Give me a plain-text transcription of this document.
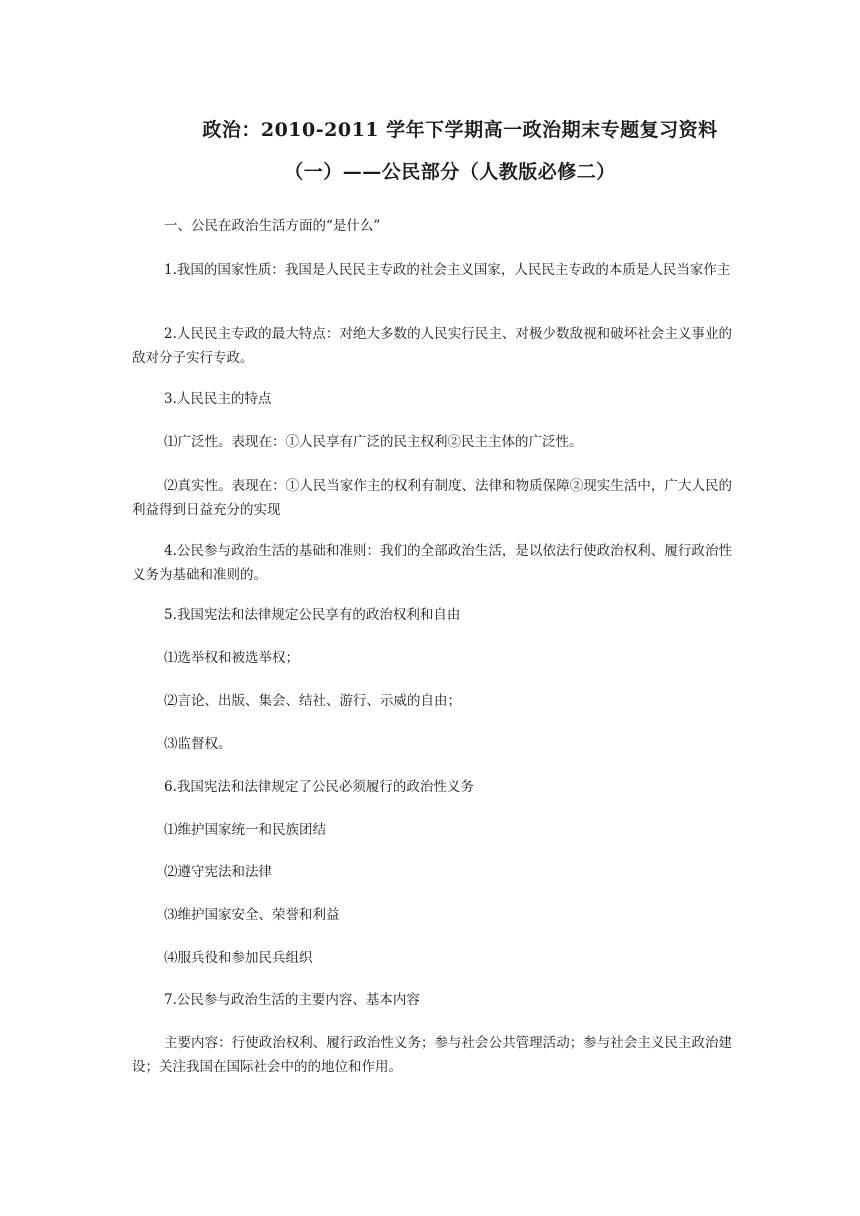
政治：2010-2011 学年下学期高一政治期末专题复习资料
（一）——公民部分（人教版必修二）
一、公民在政治生活方面的“是什么”
1.我国的国家性质：我国是人民民主专政的社会主义国家，人民民主专政的本质是人民当家作主
2.人民民主专政的最大特点：对绝大多数的人民实行民主、对极少数敌视和破坏社会主义事业的敌对分子实行专政。
3.人民民主的特点
⑴广泛性。表现在：①人民享有广泛的民主权利②民主主体的广泛性。
⑵真实性。表现在：①人民当家作主的权利有制度、法律和物质保障②现实生活中，广大人民的利益得到日益充分的实现
4.公民参与政治生活的基础和准则：我们的全部政治生活，是以依法行使政治权利、履行政治性义务为基础和准则的。
5.我国宪法和法律规定公民享有的政治权利和自由
⑴选举权和被选举权；
⑵言论、出版、集会、结社、游行、示威的自由；
⑶监督权。
6.我国宪法和法律规定了公民必须履行的政治性义务
⑴维护国家统一和民族团结
⑵遵守宪法和法律
⑶维护国家安全、荣誉和利益
⑷服兵役和参加民兵组织
7.公民参与政治生活的主要内容、基本内容
主要内容：行使政治权利、履行政治性义务；参与社会公共管理活动；参与社会主义民主政治建设；关注我国在国际社会中的的地位和作用。
